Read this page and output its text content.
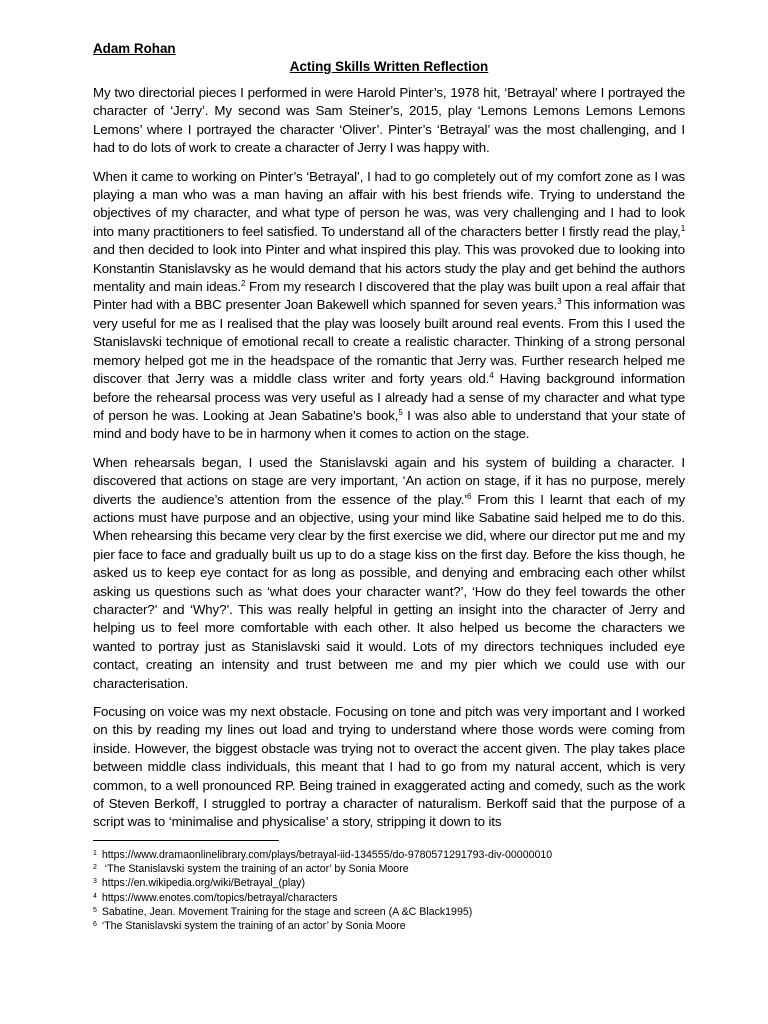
Adam Rohan
Acting Skills Written Reflection

My two directorial pieces I performed in were Harold Pinter’s, 1978 hit, ‘Betrayal’ where I portrayed the character of ‘Jerry’. My second was Sam Steiner’s, 2015, play ‘Lemons Lemons Lemons Lemons Lemons’ where I portrayed the character ‘Oliver’. Pinter’s ‘Betrayal’ was the most challenging, and I had to do lots of work to create a character of Jerry I was happy with.

When it came to working on Pinter’s ‘Betrayal’, I had to go completely out of my comfort zone as I was playing a man who was a man having an affair with his best friends wife. Trying to understand the objectives of my character, and what type of person he was, was very challenging and I had to look into many practitioners to feel satisfied. To understand all of the characters better I firstly read the play,$^1$ and then decided to look into Pinter and what inspired this play. This was provoked due to looking into Konstantin Stanislavsky as he would demand that his actors study the play and get behind the authors mentality and main ideas.$^2$ From my research I discovered that the play was built upon a real affair that Pinter had with a BBC presenter Joan Bakewell which spanned for seven years.$^3$ This information was very useful for me as I realised that the play was loosely built around real events. From this I used the Stanislavski technique of emotional recall to create a realistic character. Thinking of a strong personal memory helped got me in the headspace of the romantic that Jerry was. Further research helped me discover that Jerry was a middle class writer and forty years old.$^4$ Having background information before the rehearsal process was very useful as I already had a sense of my character and what type of person he was. Looking at Jean Sabatine’s book,$^5$ I was also able to understand that your state of mind and body have to be in harmony when it comes to action on the stage.

When rehearsals began, I used the Stanislavski again and his system of building a character. I discovered that actions on stage are very important, ‘An action on stage, if it has no purpose, merely diverts the audience’s attention from the essence of the play.’$^6$ From this I learnt that each of my actions must have purpose and an objective, using your mind like Sabatine said helped me to do this. When rehearsing this became very clear by the first exercise we did, where our director put me and my pier face to face and gradually built us up to do a stage kiss on the first day. Before the kiss though, he asked us to keep eye contact for as long as possible, and denying and embracing each other whilst asking us questions such as ‘what does your character want?’, ‘How do they feel towards the other character?’ and ‘Why?’. This was really helpful in getting an insight into the character of Jerry and helping us to feel more comfortable with each other. It also helped us become the characters we wanted to portray just as Stanislavski said it would. Lots of my directors techniques included eye contact, creating an intensity and trust between me and my pier which we could use with our characterisation.

Focusing on voice was my next obstacle. Focusing on tone and pitch was very important and I worked on this by reading my lines out load and trying to understand where those words were coming from inside. However, the biggest obstacle was trying not to overact the accent given. The play takes place between middle class individuals, this meant that I had to go from my natural accent, which is very common, to a well pronounced RP. Being trained in exaggerated acting and comedy, such as the work of Steven Berkoff, I struggled to portray a character of naturalism. Berkoff said that the purpose of a script was to ‘minimalise and physicalise’ a story, stripping it down to its

$^1$ https://www.dramaonlinelibrary.com/plays/betrayal-iid-134555/do-9780571291793-div-00000010
$^2$  ‘The Stanislavski system the training of an actor’ by Sonia Moore
$^3$ https://en.wikipedia.org/wiki/Betrayal_(play)
$^4$ https://www.enotes.com/topics/betrayal/characters
$^5$ Sabatine, Jean. Movement Training for the stage and screen (A &C Black1995)
$^6$ ‘The Stanislavski system the training of an actor’ by Sonia Moore
